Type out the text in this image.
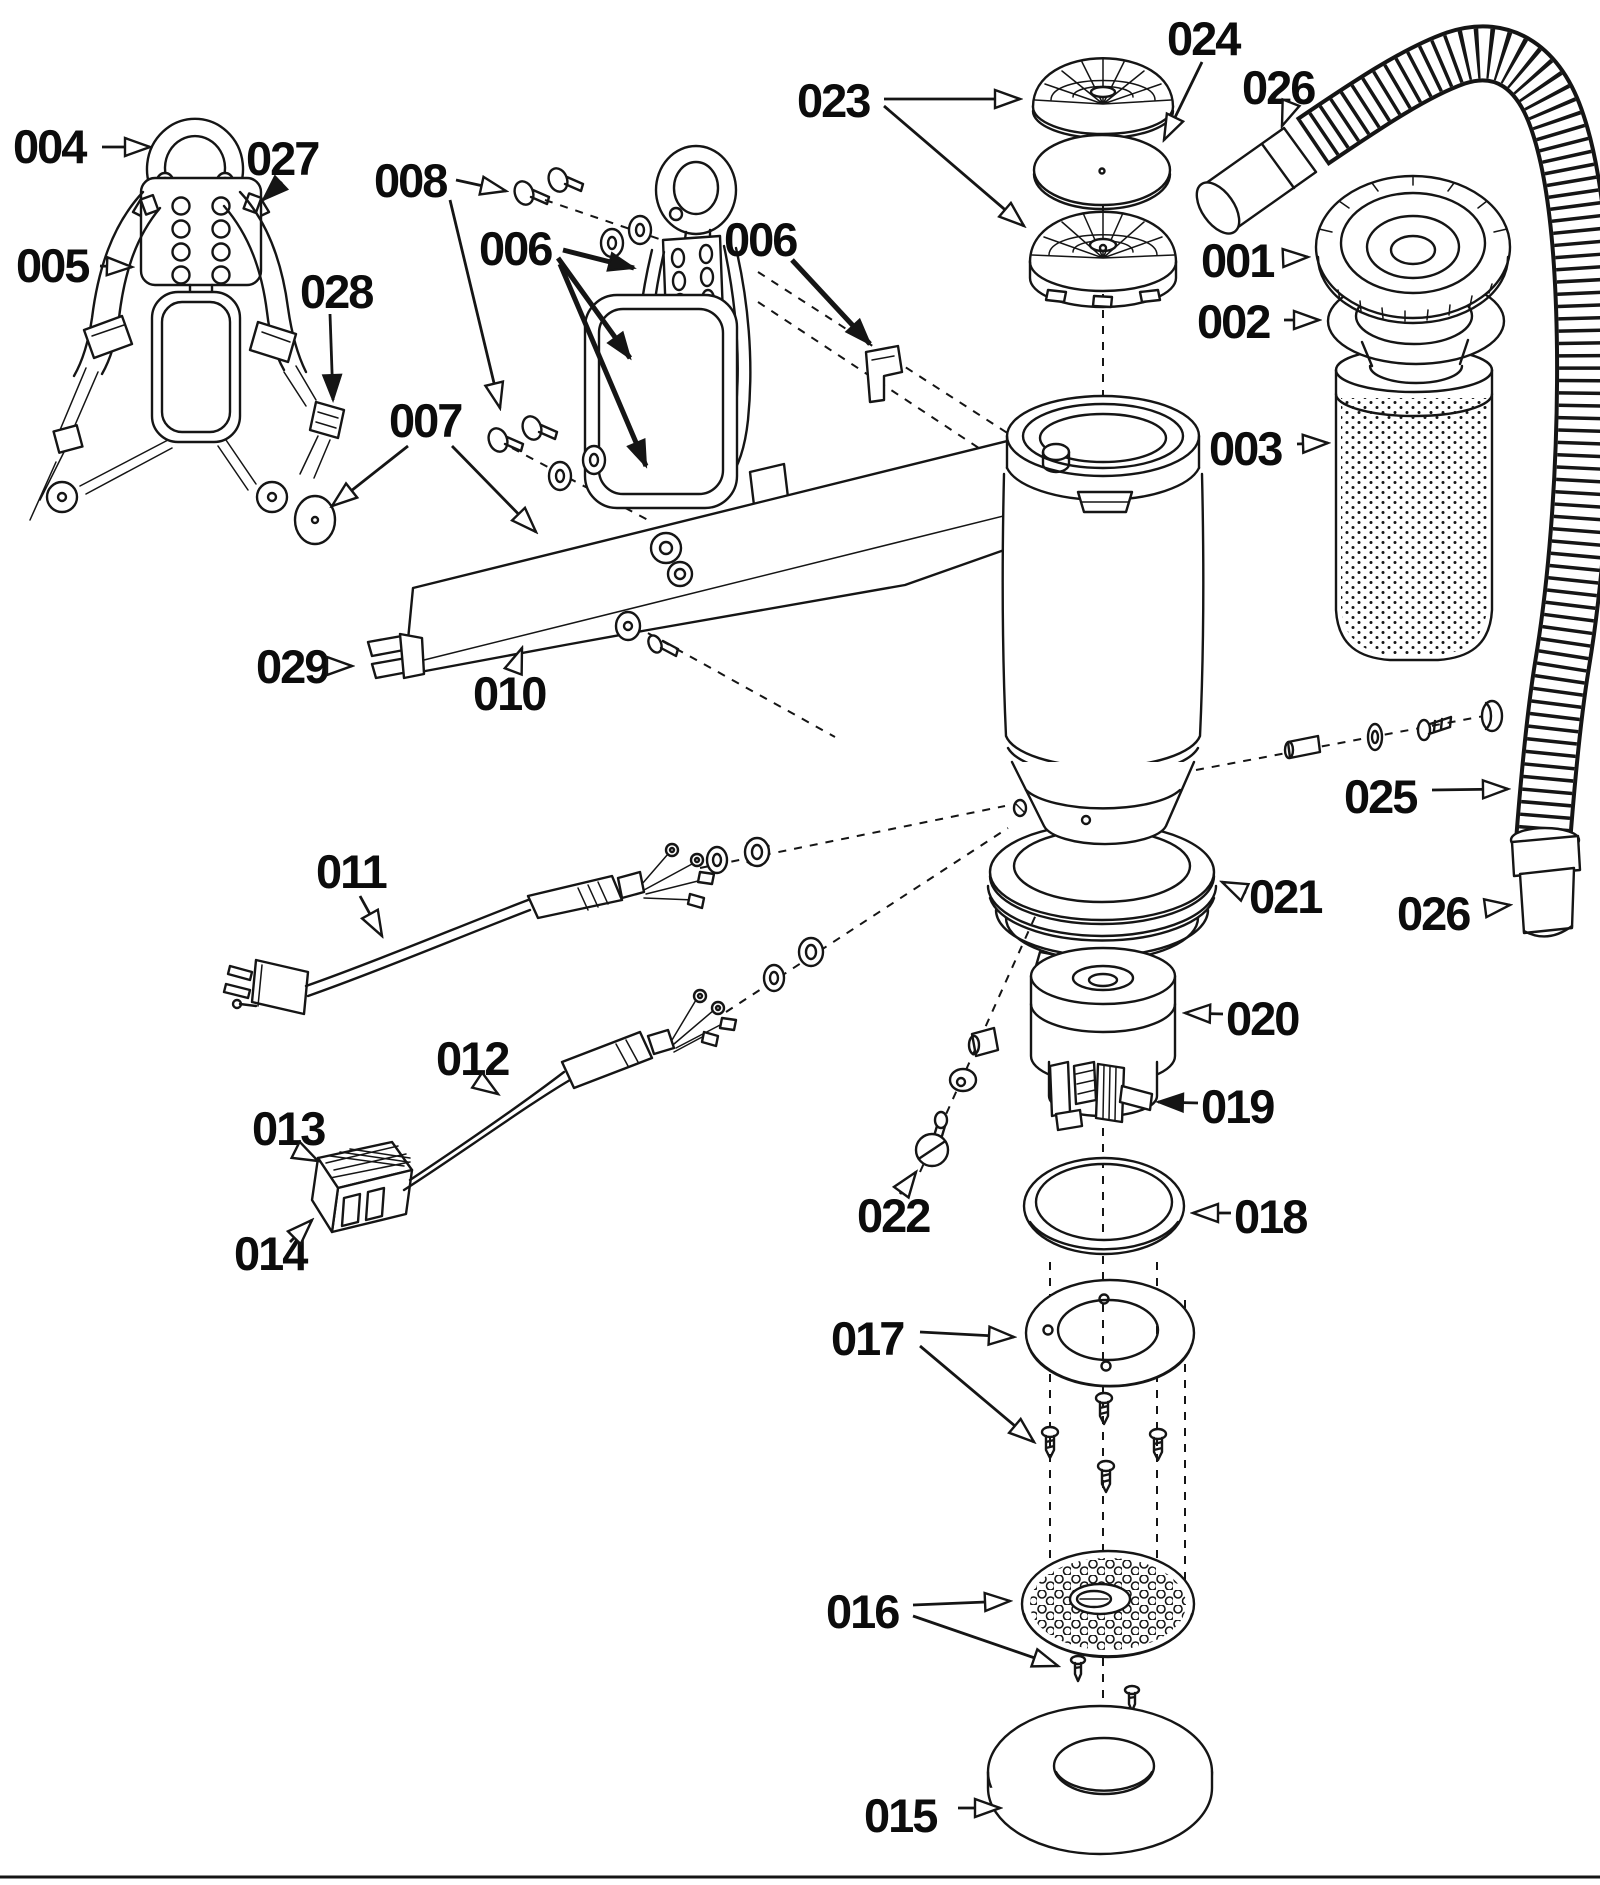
004	027
005	028
008
006	006
007
029
010
011
012
013
014
023
024
026
001
002
003
025
026
021
020
019
018
022
017
016
015
